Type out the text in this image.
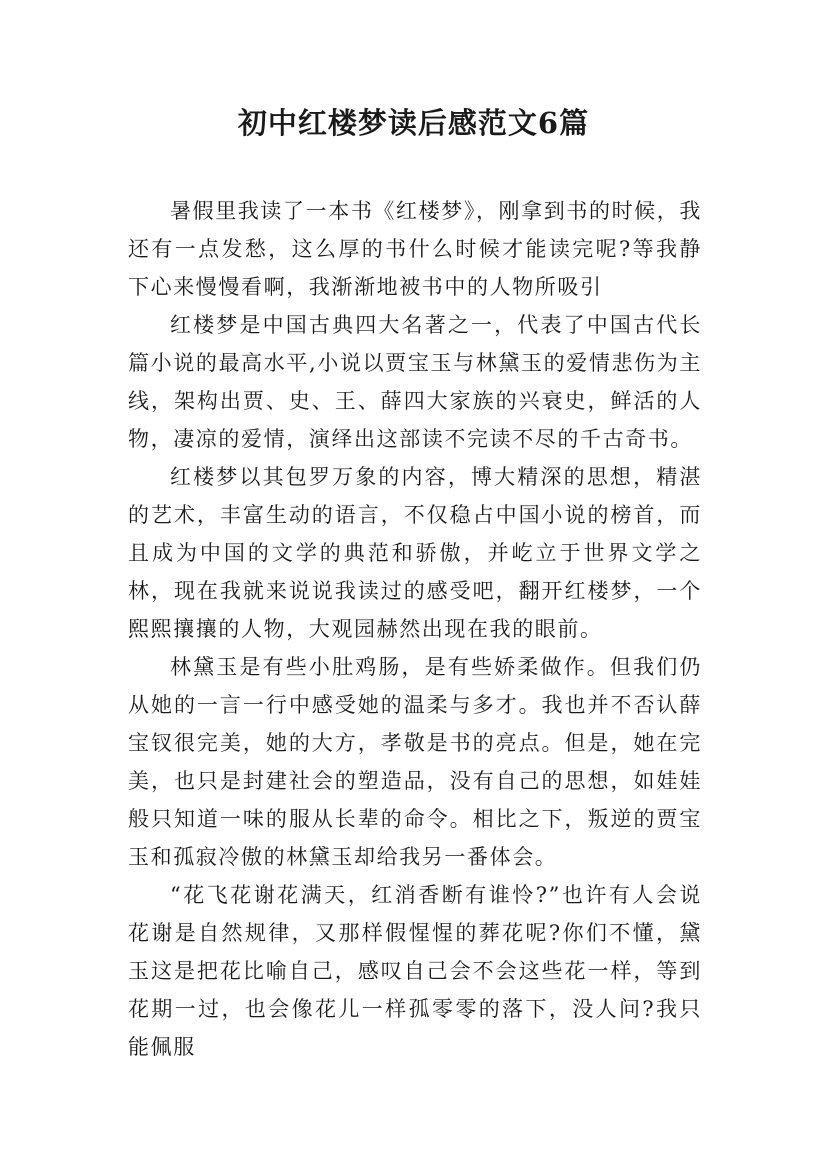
初中红楼梦读后感范文6篇

暑假里我读了一本书《红楼梦》，刚拿到书的时候，我还有一点发愁，这么厚的书什么时候才能读完呢?等我静下心来慢慢看啊，我渐渐地被书中的人物所吸引

红楼梦是中国古典四大名著之一，代表了中国古代长篇小说的最高水平,小说以贾宝玉与林黛玉的爱情悲伤为主线，架构出贾、史、王、薛四大家族的兴衰史，鲜活的人物，凄凉的爱情，演绎出这部读不完读不尽的千古奇书。

红楼梦以其包罗万象的内容，博大精深的思想，精湛的艺术，丰富生动的语言，不仅稳占中国小说的榜首，而且成为中国的文学的典范和骄傲，并屹立于世界文学之林，现在我就来说说我读过的感受吧，翻开红楼梦，一个熙熙攘攘的人物，大观园赫然出现在我的眼前。

林黛玉是有些小肚鸡肠，是有些娇柔做作。但我们仍从她的一言一行中感受她的温柔与多才。我也并不否认薛宝钗很完美，她的大方，孝敬是书的亮点。但是，她在完美，也只是封建社会的塑造品，没有自己的思想，如娃娃般只知道一味的服从长辈的命令。相比之下，叛逆的贾宝玉和孤寂冷傲的林黛玉却给我另一番体会。

“花飞花谢花满天，红消香断有谁怜?”也许有人会说花谢是自然规律，又那样假惺惺的葬花呢?你们不懂，黛玉这是把花比喻自己，感叹自己会不会这些花一样，等到花期一过，也会像花儿一样孤零零的落下，没人问?我只能佩服
